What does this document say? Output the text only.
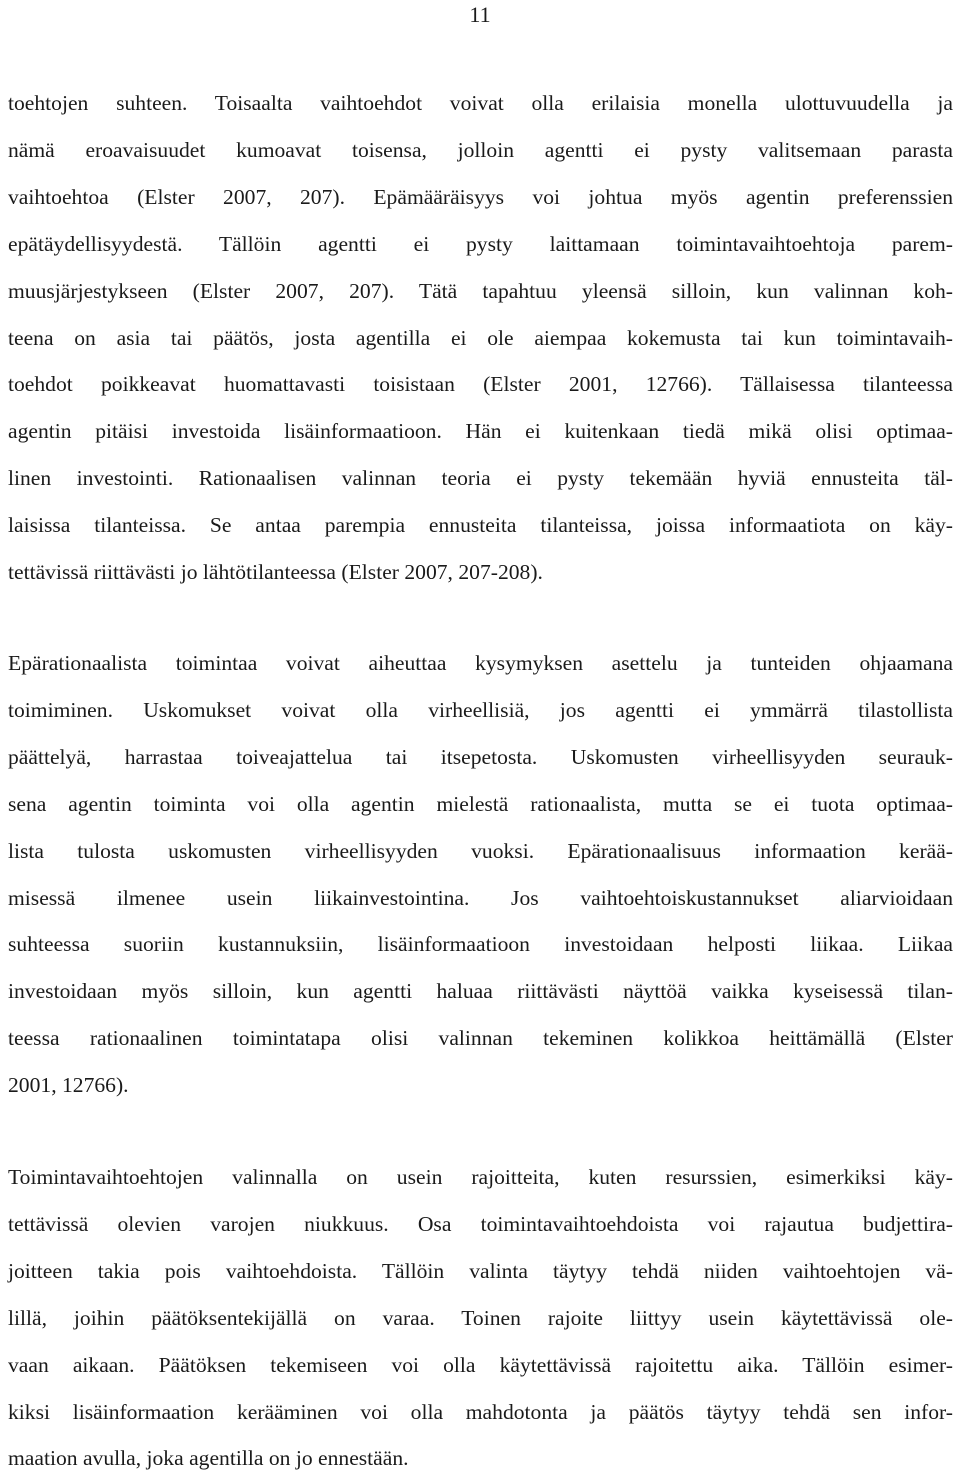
11
toehtojen suhteen. Toisaalta vaihtoehdot voivat olla erilaisia monella ulottuvuudella ja
nämä eroavaisuudet kumoavat toisensa, jolloin agentti ei pysty valitsemaan parasta
vaihtoehtoa (Elster 2007, 207). Epämääräisyys voi johtua myös agentin preferenssien
epätäydellisyydestä. Tällöin agentti ei pysty laittamaan toimintavaihtoehtoja parem-
muusjärjestykseen (Elster 2007, 207). Tätä tapahtuu yleensä silloin, kun valinnan koh-
teena on asia tai päätös, josta agentilla ei ole aiempaa kokemusta tai kun toimintavaih-
toehdot poikkeavat huomattavasti toisistaan (Elster 2001, 12766). Tällaisessa tilanteessa
agentin pitäisi investoida lisäinformaatioon. Hän ei kuitenkaan tiedä mikä olisi optimaa-
linen investointi. Rationaalisen valinnan teoria ei pysty tekemään hyviä ennusteita täl-
laisissa tilanteissa. Se antaa parempia ennusteita tilanteissa, joissa informaatiota on käy-
tettävissä riittävästi jo lähtötilanteessa (Elster 2007, 207-208).
Epärationaalista toimintaa voivat aiheuttaa kysymyksen asettelu ja tunteiden ohjaamana
toimiminen. Uskomukset voivat olla virheellisiä, jos agentti ei ymmärrä tilastollista
päättelyä, harrastaa toiveajattelua tai itsepetosta. Uskomusten virheellisyyden seurauk-
sena agentin toiminta voi olla agentin mielestä rationaalista, mutta se ei tuota optimaa-
lista tulosta uskomusten virheellisyyden vuoksi. Epärationaalisuus informaation kerää-
misessä ilmenee usein liikainvestointina. Jos vaihtoehtoiskustannukset aliarvioidaan
suhteessa suoriin kustannuksiin, lisäinformaatioon investoidaan helposti liikaa. Liikaa
investoidaan myös silloin, kun agentti haluaa riittävästi näyttöä vaikka kyseisessä tilan-
teessa rationaalinen toimintatapa olisi valinnan tekeminen kolikkoa heittämällä (Elster
2001, 12766).
Toimintavaihtoehtojen valinnalla on usein rajoitteita, kuten resurssien, esimerkiksi käy-
tettävissä olevien varojen niukkuus. Osa toimintavaihtoehdoista voi rajautua budjettira-
joitteen takia pois vaihtoehdoista. Tällöin valinta täytyy tehdä niiden vaihtoehtojen vä-
lillä, joihin päätöksentekijällä on varaa. Toinen rajoite liittyy usein käytettävissä ole-
vaan aikaan. Päätöksen tekemiseen voi olla käytettävissä rajoitettu aika. Tällöin esimer-
kiksi lisäinformaation kerääminen voi olla mahdotonta ja päätös täytyy tehdä sen infor-
maation avulla, joka agentilla on jo ennestään.
